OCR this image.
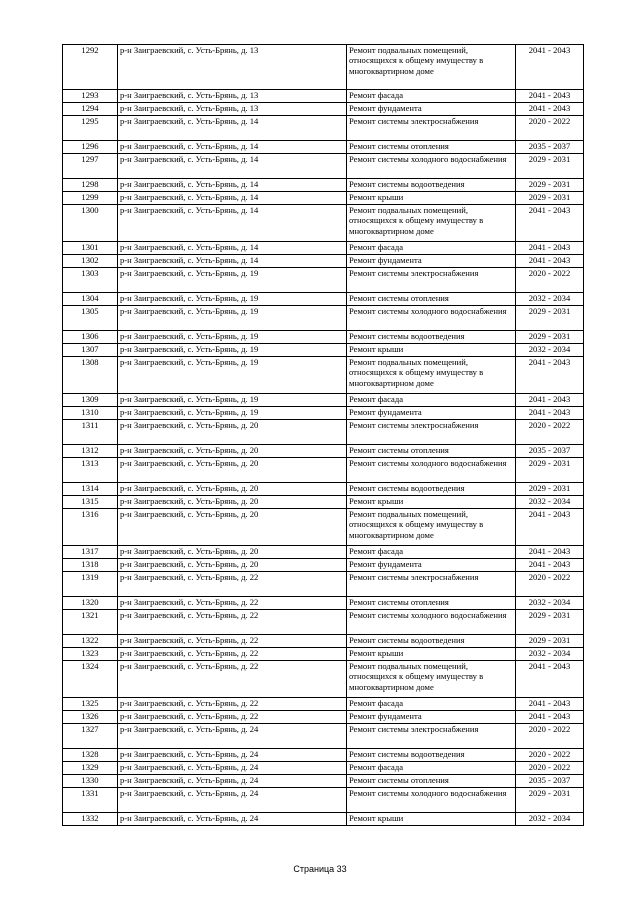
1292	р-н Заиграевский, с. Усть-Брянь, д. 13	Ремонт подвальных помещений, относящихся к общему имуществу в многоквартирном доме	2041 - 2043
1293	р-н Заиграевский, с. Усть-Брянь, д. 13	Ремонт фасада	2041 - 2043
1294	р-н Заиграевский, с. Усть-Брянь, д. 13	Ремонт фундамента	2041 - 2043
1295	р-н Заиграевский, с. Усть-Брянь, д. 14	Ремонт системы электроснабжения	2020 - 2022
1296	р-н Заиграевский, с. Усть-Брянь, д. 14	Ремонт системы отопления	2035 - 2037
1297	р-н Заиграевский, с. Усть-Брянь, д. 14	Ремонт системы холодного водоснабжения	2029 - 2031
1298	р-н Заиграевский, с. Усть-Брянь, д. 14	Ремонт системы водоотведения	2029 - 2031
1299	р-н Заиграевский, с. Усть-Брянь, д. 14	Ремонт крыши	2029 - 2031
1300	р-н Заиграевский, с. Усть-Брянь, д. 14	Ремонт подвальных помещений, относящихся к общему имуществу в многоквартирном доме	2041 - 2043
1301	р-н Заиграевский, с. Усть-Брянь, д. 14	Ремонт фасада	2041 - 2043
1302	р-н Заиграевский, с. Усть-Брянь, д. 14	Ремонт фундамента	2041 - 2043
1303	р-н Заиграевский, с. Усть-Брянь, д. 19	Ремонт системы электроснабжения	2020 - 2022
1304	р-н Заиграевский, с. Усть-Брянь, д. 19	Ремонт системы отопления	2032 - 2034
1305	р-н Заиграевский, с. Усть-Брянь, д. 19	Ремонт системы холодного водоснабжения	2029 - 2031
1306	р-н Заиграевский, с. Усть-Брянь, д. 19	Ремонт системы водоотведения	2029 - 2031
1307	р-н Заиграевский, с. Усть-Брянь, д. 19	Ремонт крыши	2032 - 2034
1308	р-н Заиграевский, с. Усть-Брянь, д. 19	Ремонт подвальных помещений, относящихся к общему имуществу в многоквартирном доме	2041 - 2043
1309	р-н Заиграевский, с. Усть-Брянь, д. 19	Ремонт фасада	2041 - 2043
1310	р-н Заиграевский, с. Усть-Брянь, д. 19	Ремонт фундамента	2041 - 2043
1311	р-н Заиграевский, с. Усть-Брянь, д. 20	Ремонт системы электроснабжения	2020 - 2022
1312	р-н Заиграевский, с. Усть-Брянь, д. 20	Ремонт системы отопления	2035 - 2037
1313	р-н Заиграевский, с. Усть-Брянь, д. 20	Ремонт системы холодного водоснабжения	2029 - 2031
1314	р-н Заиграевский, с. Усть-Брянь, д. 20	Ремонт системы водоотведения	2029 - 2031
1315	р-н Заиграевский, с. Усть-Брянь, д. 20	Ремонт крыши	2032 - 2034
1316	р-н Заиграевский, с. Усть-Брянь, д. 20	Ремонт подвальных помещений, относящихся к общему имуществу в многоквартирном доме	2041 - 2043
1317	р-н Заиграевский, с. Усть-Брянь, д. 20	Ремонт фасада	2041 - 2043
1318	р-н Заиграевский, с. Усть-Брянь, д. 20	Ремонт фундамента	2041 - 2043
1319	р-н Заиграевский, с. Усть-Брянь, д. 22	Ремонт системы электроснабжения	2020 - 2022
1320	р-н Заиграевский, с. Усть-Брянь, д. 22	Ремонт системы отопления	2032 - 2034
1321	р-н Заиграевский, с. Усть-Брянь, д. 22	Ремонт системы холодного водоснабжения	2029 - 2031
1322	р-н Заиграевский, с. Усть-Брянь, д. 22	Ремонт системы водоотведения	2029 - 2031
1323	р-н Заиграевский, с. Усть-Брянь, д. 22	Ремонт крыши	2032 - 2034
1324	р-н Заиграевский, с. Усть-Брянь, д. 22	Ремонт подвальных помещений, относящихся к общему имуществу в многоквартирном доме	2041 - 2043
1325	р-н Заиграевский, с. Усть-Брянь, д. 22	Ремонт фасада	2041 - 2043
1326	р-н Заиграевский, с. Усть-Брянь, д. 22	Ремонт фундамента	2041 - 2043
1327	р-н Заиграевский, с. Усть-Брянь, д. 24	Ремонт системы электроснабжения	2020 - 2022
1328	р-н Заиграевский, с. Усть-Брянь, д. 24	Ремонт системы водоотведения	2020 - 2022
1329	р-н Заиграевский, с. Усть-Брянь, д. 24	Ремонт фасада	2020 - 2022
1330	р-н Заиграевский, с. Усть-Брянь, д. 24	Ремонт системы отопления	2035 - 2037
1331	р-н Заиграевский, с. Усть-Брянь, д. 24	Ремонт системы холодного водоснабжения	2029 - 2031
1332	р-н Заиграевский, с. Усть-Брянь, д. 24	Ремонт крыши	2032 - 2034
Страница 33
